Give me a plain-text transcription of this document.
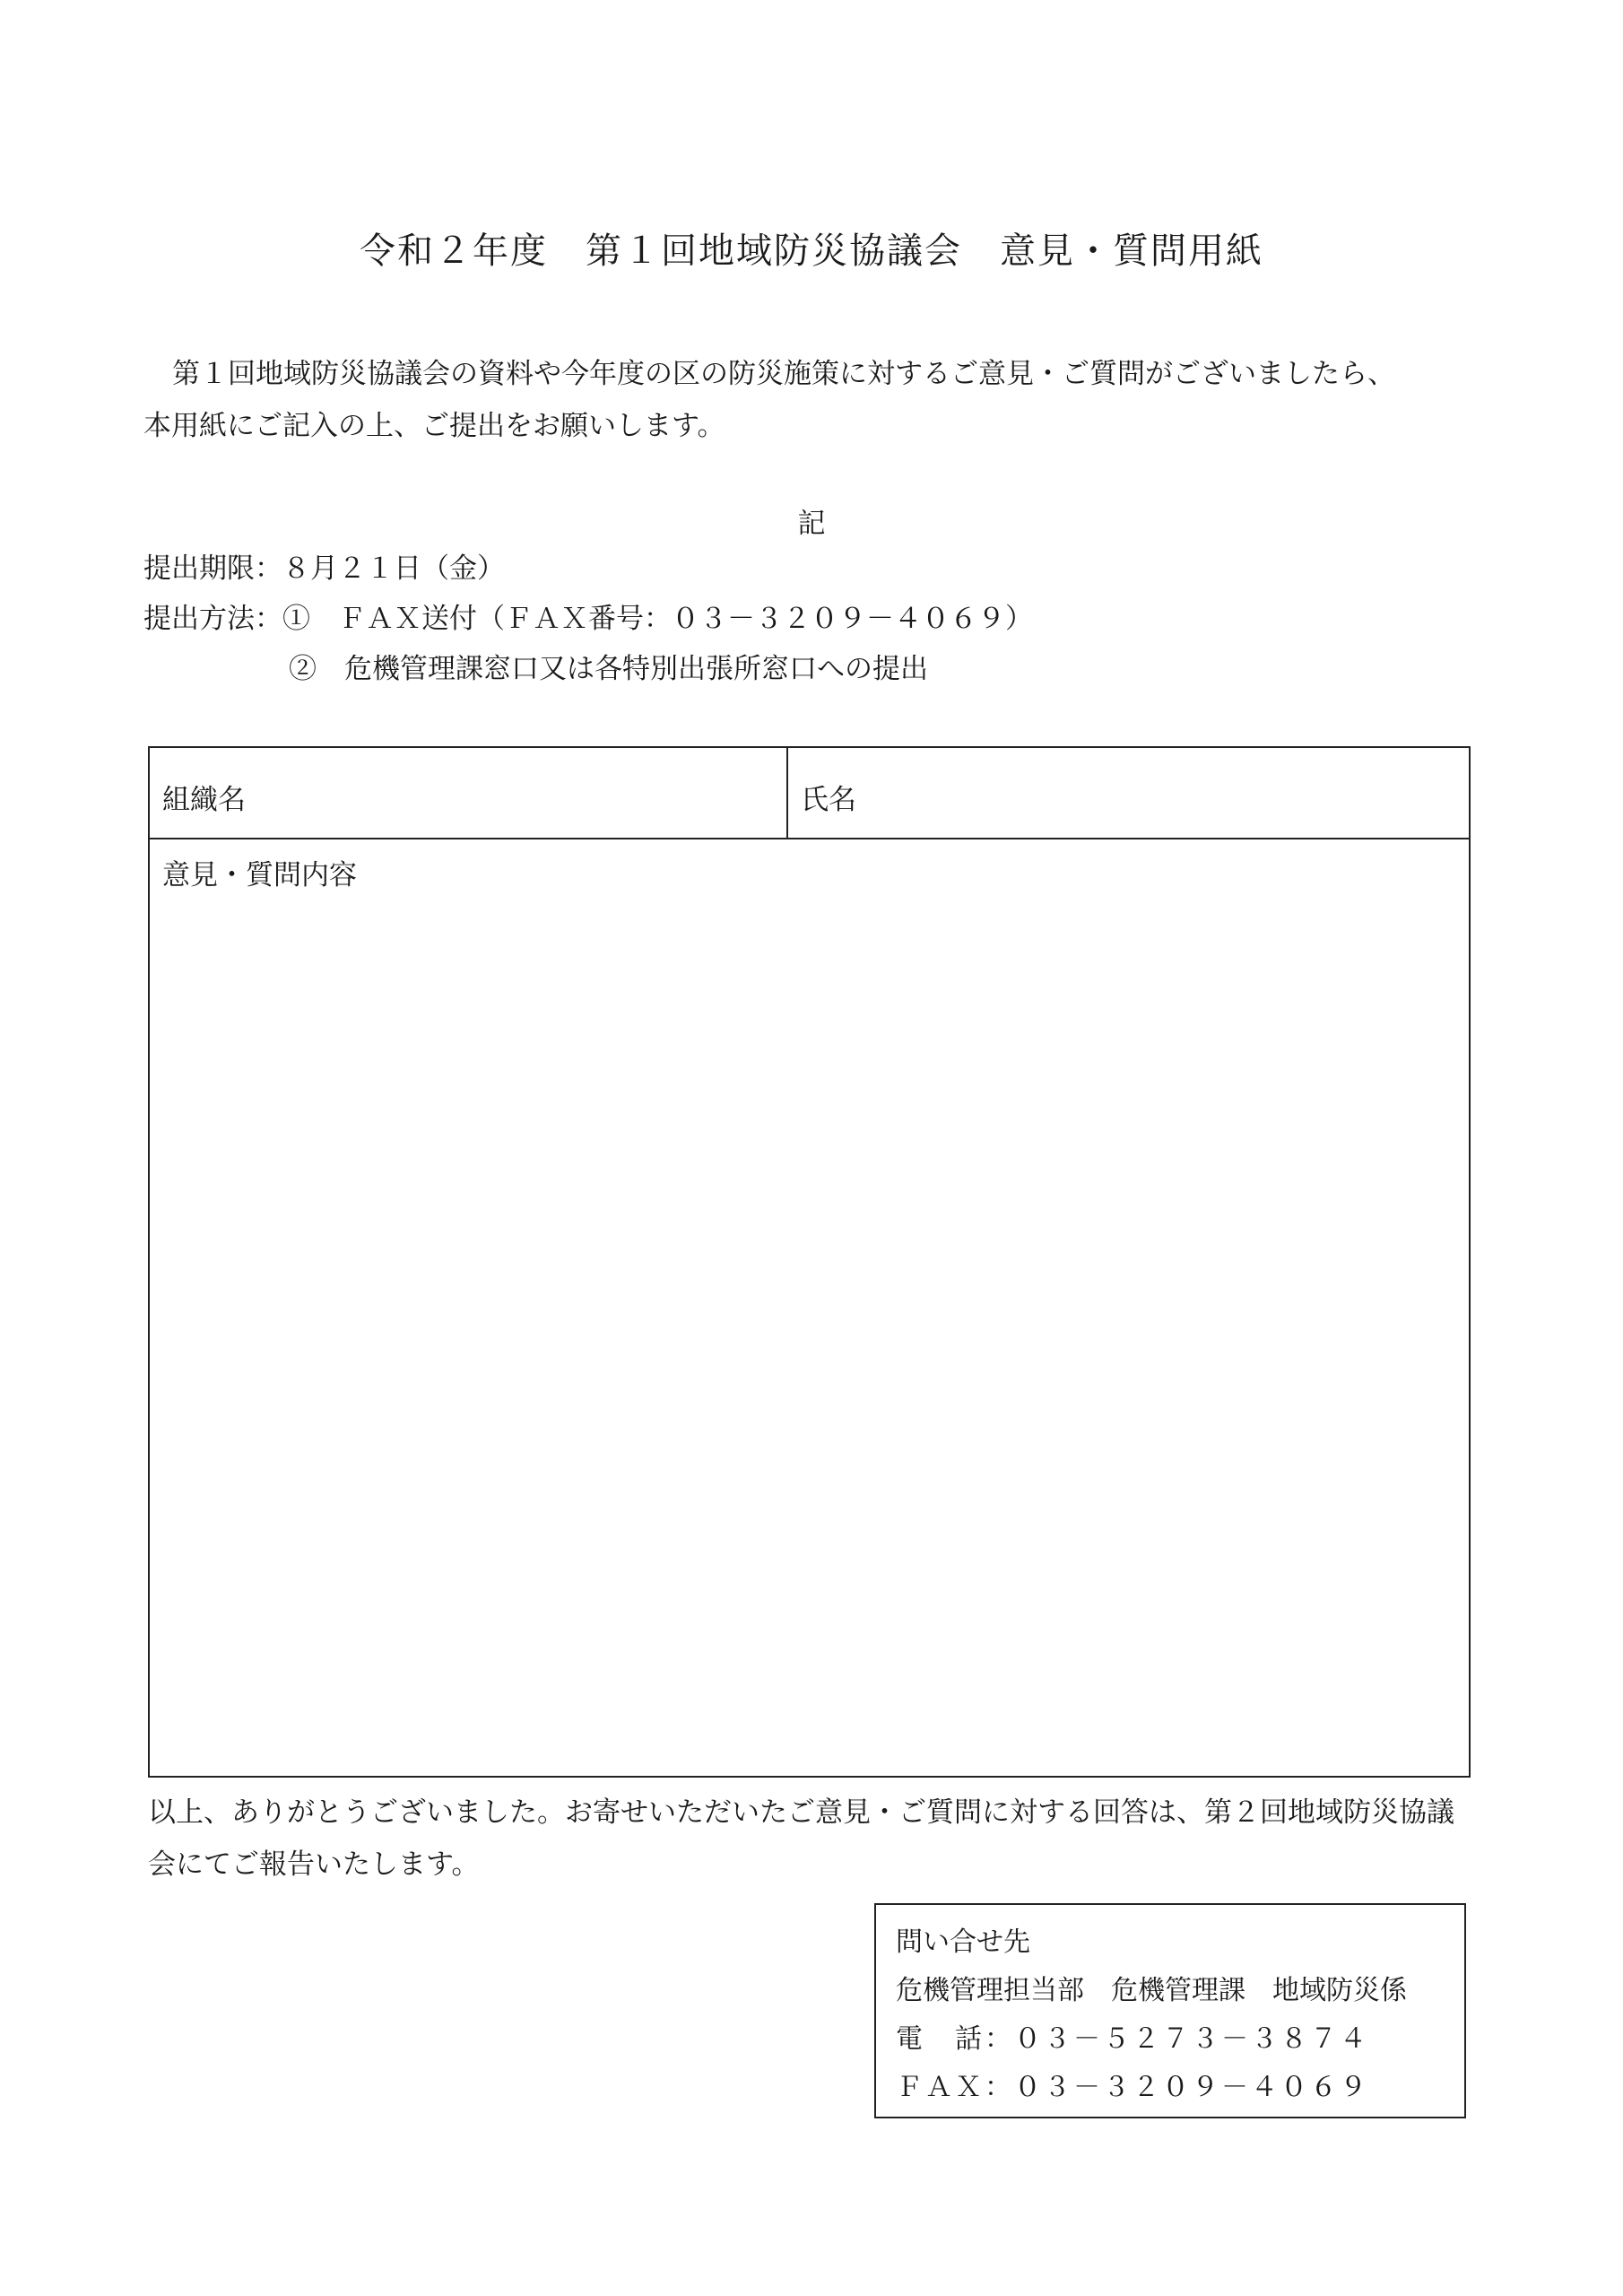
令和２年度　第１回地域防災協議会　意見・質問用紙
第１回地域防災協議会の資料や今年度の区の防災施策に対するご意見・ご質問がございましたら、
本用紙にご記入の上、ご提出をお願いします。
記
提出期限：８月２１日（金）
提出方法：①　ＦＡＸ送付（ＦＡＸ番号：０３－３２０９－４０６９）
②　危機管理課窓口又は各特別出張所窓口への提出
組織名	氏名
意見・質問内容
以上、ありがとうございました。お寄せいただいたご意見・ご質問に対する回答は、第２回地域防災協議
会にてご報告いたします。
問い合せ先
危機管理担当部　危機管理課　地域防災係
電　話：０３－５２７３－３８７４
ＦＡＸ：０３－３２０９－４０６９
